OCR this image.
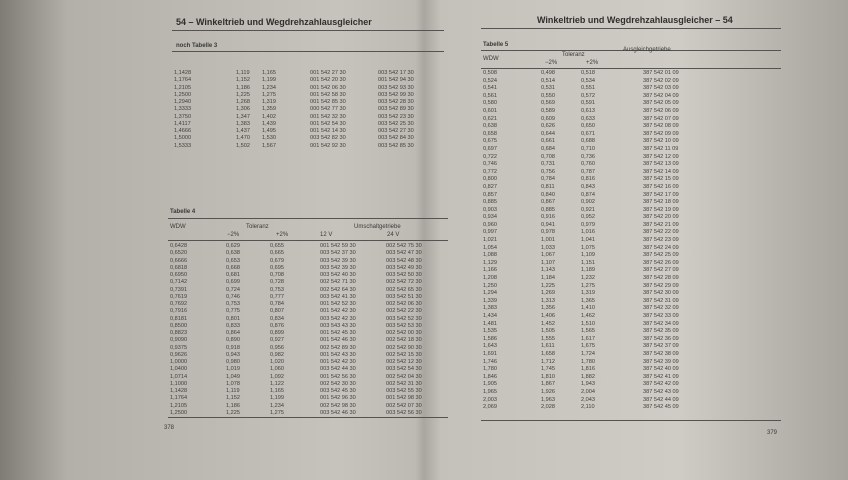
54 – Winkeltrieb und Wegdrehzahlausgleicher
noch Tabelle 3
1,1428	1,119	1,165	001 542 27 30	003 542 17 30
1,1764	1,152	1,199	001 542 20 30	001 542 94 30
1,2105	1,186	1,234	001 542 06 30	003 542 93 30
1,2500	1,225	1,275	001 542 58 30	003 542 99 30
1,2940	1,268	1,319	001 542 85 30	003 542 28 30
1,3333	1,306	1,359	000 542 77 30	003 542 89 30
1,3750	1,347	1,402	001 542 32 30	003 542 23 30
1,4117	1,383	1,439	001 542 54 30	003 542 25 30
1,4666	1,437	1,495	001 542 14 30	003 542 27 30
1,5000	1,470	1,530	003 542 82 30	003 542 84 30
1,5333	1,502	1,567	001 542 92 30	003 542 85 30
Tabelle 4
WDW	Toleranz	Umschaltgetriebe
−2%	+2%	12 V	24 V
0,6428	0,629	0,655	001 542 59 30	002 542 75 30
0,6520	0,638	0,665	003 542 37 30	003 542 47 30
0,6666	0,653	0,679	003 542 39 30	003 542 48 30
0,6818	0,668	0,695	003 542 39 30	003 542 49 30
0,6950	0,681	0,708	003 542 40 30	003 542 50 30
0,7142	0,699	0,728	002 542 71 30	002 542 72 30
0,7391	0,724	0,753	002 542 64 30	002 542 65 30
0,7619	0,746	0,777	003 542 41 30	003 542 51 30
0,7692	0,753	0,784	001 542 52 30	002 542 06 30
0,7916	0,775	0,807	001 542 42 30	002 542 22 30
0,8181	0,801	0,834	003 542 42 30	003 542 52 30
0,8500	0,833	0,876	003 543 43 30	003 542 53 30
0,8823	0,864	0,899	001 542 45 30	002 542 00 30
0,9090	0,890	0,927	001 542 46 30	002 542 18 30
0,9375	0,918	0,956	002 542 89 30	002 542 90 30
0,9626	0,943	0,982	001 542 43 30	002 542 15 30
1,0000	0,980	1,020	001 542 42 30	002 542 12 30
1,0400	1,019	1,060	003 542 44 30	003 542 54 30
1,0714	1,049	1,092	001 542 56 30	002 542 04 30
1,1000	1,078	1,122	002 542 30 30	002 542 31 30
1,1428	1,119	1,165	003 542 45 30	003 542 55 30
1,1764	1,152	1,199	001 542 96 30	001 542 98 30
1,2105	1,186	1,234	002 542 98 30	002 542 07 30
1,2500	1,225	1,275	003 542 46 30	003 542 56 30
378
Winkeltrieb und Wegdrehzahlausgleicher – 54
Tabelle 5
WDW
Toleranz
Ausgleichgetriebe
−2%	+2%
0,508	0,498	0,518	387 542 01 09
0,524	0,514	0,534	387 542 02 09
0,541	0,531	0,551	387 542 03 09
0,561	0,550	0,572	387 542 04 09
0,580	0,569	0,591	387 542 05 09
0,601	0,589	0,613	387 542 06 09
0,621	0,609	0,633	387 542 07 09
0,638	0,626	0,650	387 542 08 09
0,658	0,644	0,671	387 542 09 09
0,675	0,661	0,688	387 542 10 09
0,697	0,684	0,710	387 542 11 09
0,722	0,708	0,736	387 542 12 09
0,746	0,731	0,760	387 542 13 09
0,772	0,756	0,787	387 542 14 09
0,800	0,784	0,816	387 542 15 09
0,827	0,811	0,843	387 542 16 09
0,857	0,840	0,874	387 542 17 09
0,885	0,867	0,902	387 542 18 09
0,903	0,885	0,921	387 542 19 09
0,934	0,916	0,952	387 542 20 09
0,960	0,941	0,979	387 542 21 09
0,997	0,978	1,016	387 542 22 09
1,021	1,001	1,041	387 542 23 09
1,054	1,033	1,075	387 542 24 09
1,088	1,067	1,109	387 542 25 09
1,129	1,107	1,151	387 542 26 09
1,166	1,143	1,189	387 542 27 09
1,208	1,184	1,232	387 542 28 09
1,250	1,225	1,275	387 542 29 09
1,294	1,269	1,319	387 542 30 09
1,339	1,313	1,365	387 542 31 09
1,383	1,356	1,410	387 542 32 09
1,434	1,406	1,462	387 542 33 09
1,481	1,452	1,510	387 542 34 09
1,535	1,505	1,565	387 542 35 09
1,586	1,555	1,617	387 542 36 09
1,643	1,611	1,675	387 542 37 09
1,691	1,658	1,724	387 542 38 09
1,746	1,712	1,780	387 542 39 09
1,780	1,745	1,816	387 542 40 09
1,846	1,810	1,882	387 542 41 09
1,905	1,867	1,943	387 542 42 09
1,965	1,926	2,004	387 542 43 09
2,003	1,963	2,043	387 542 44 09
2,069	2,028	2,110	387 542 45 09
379
